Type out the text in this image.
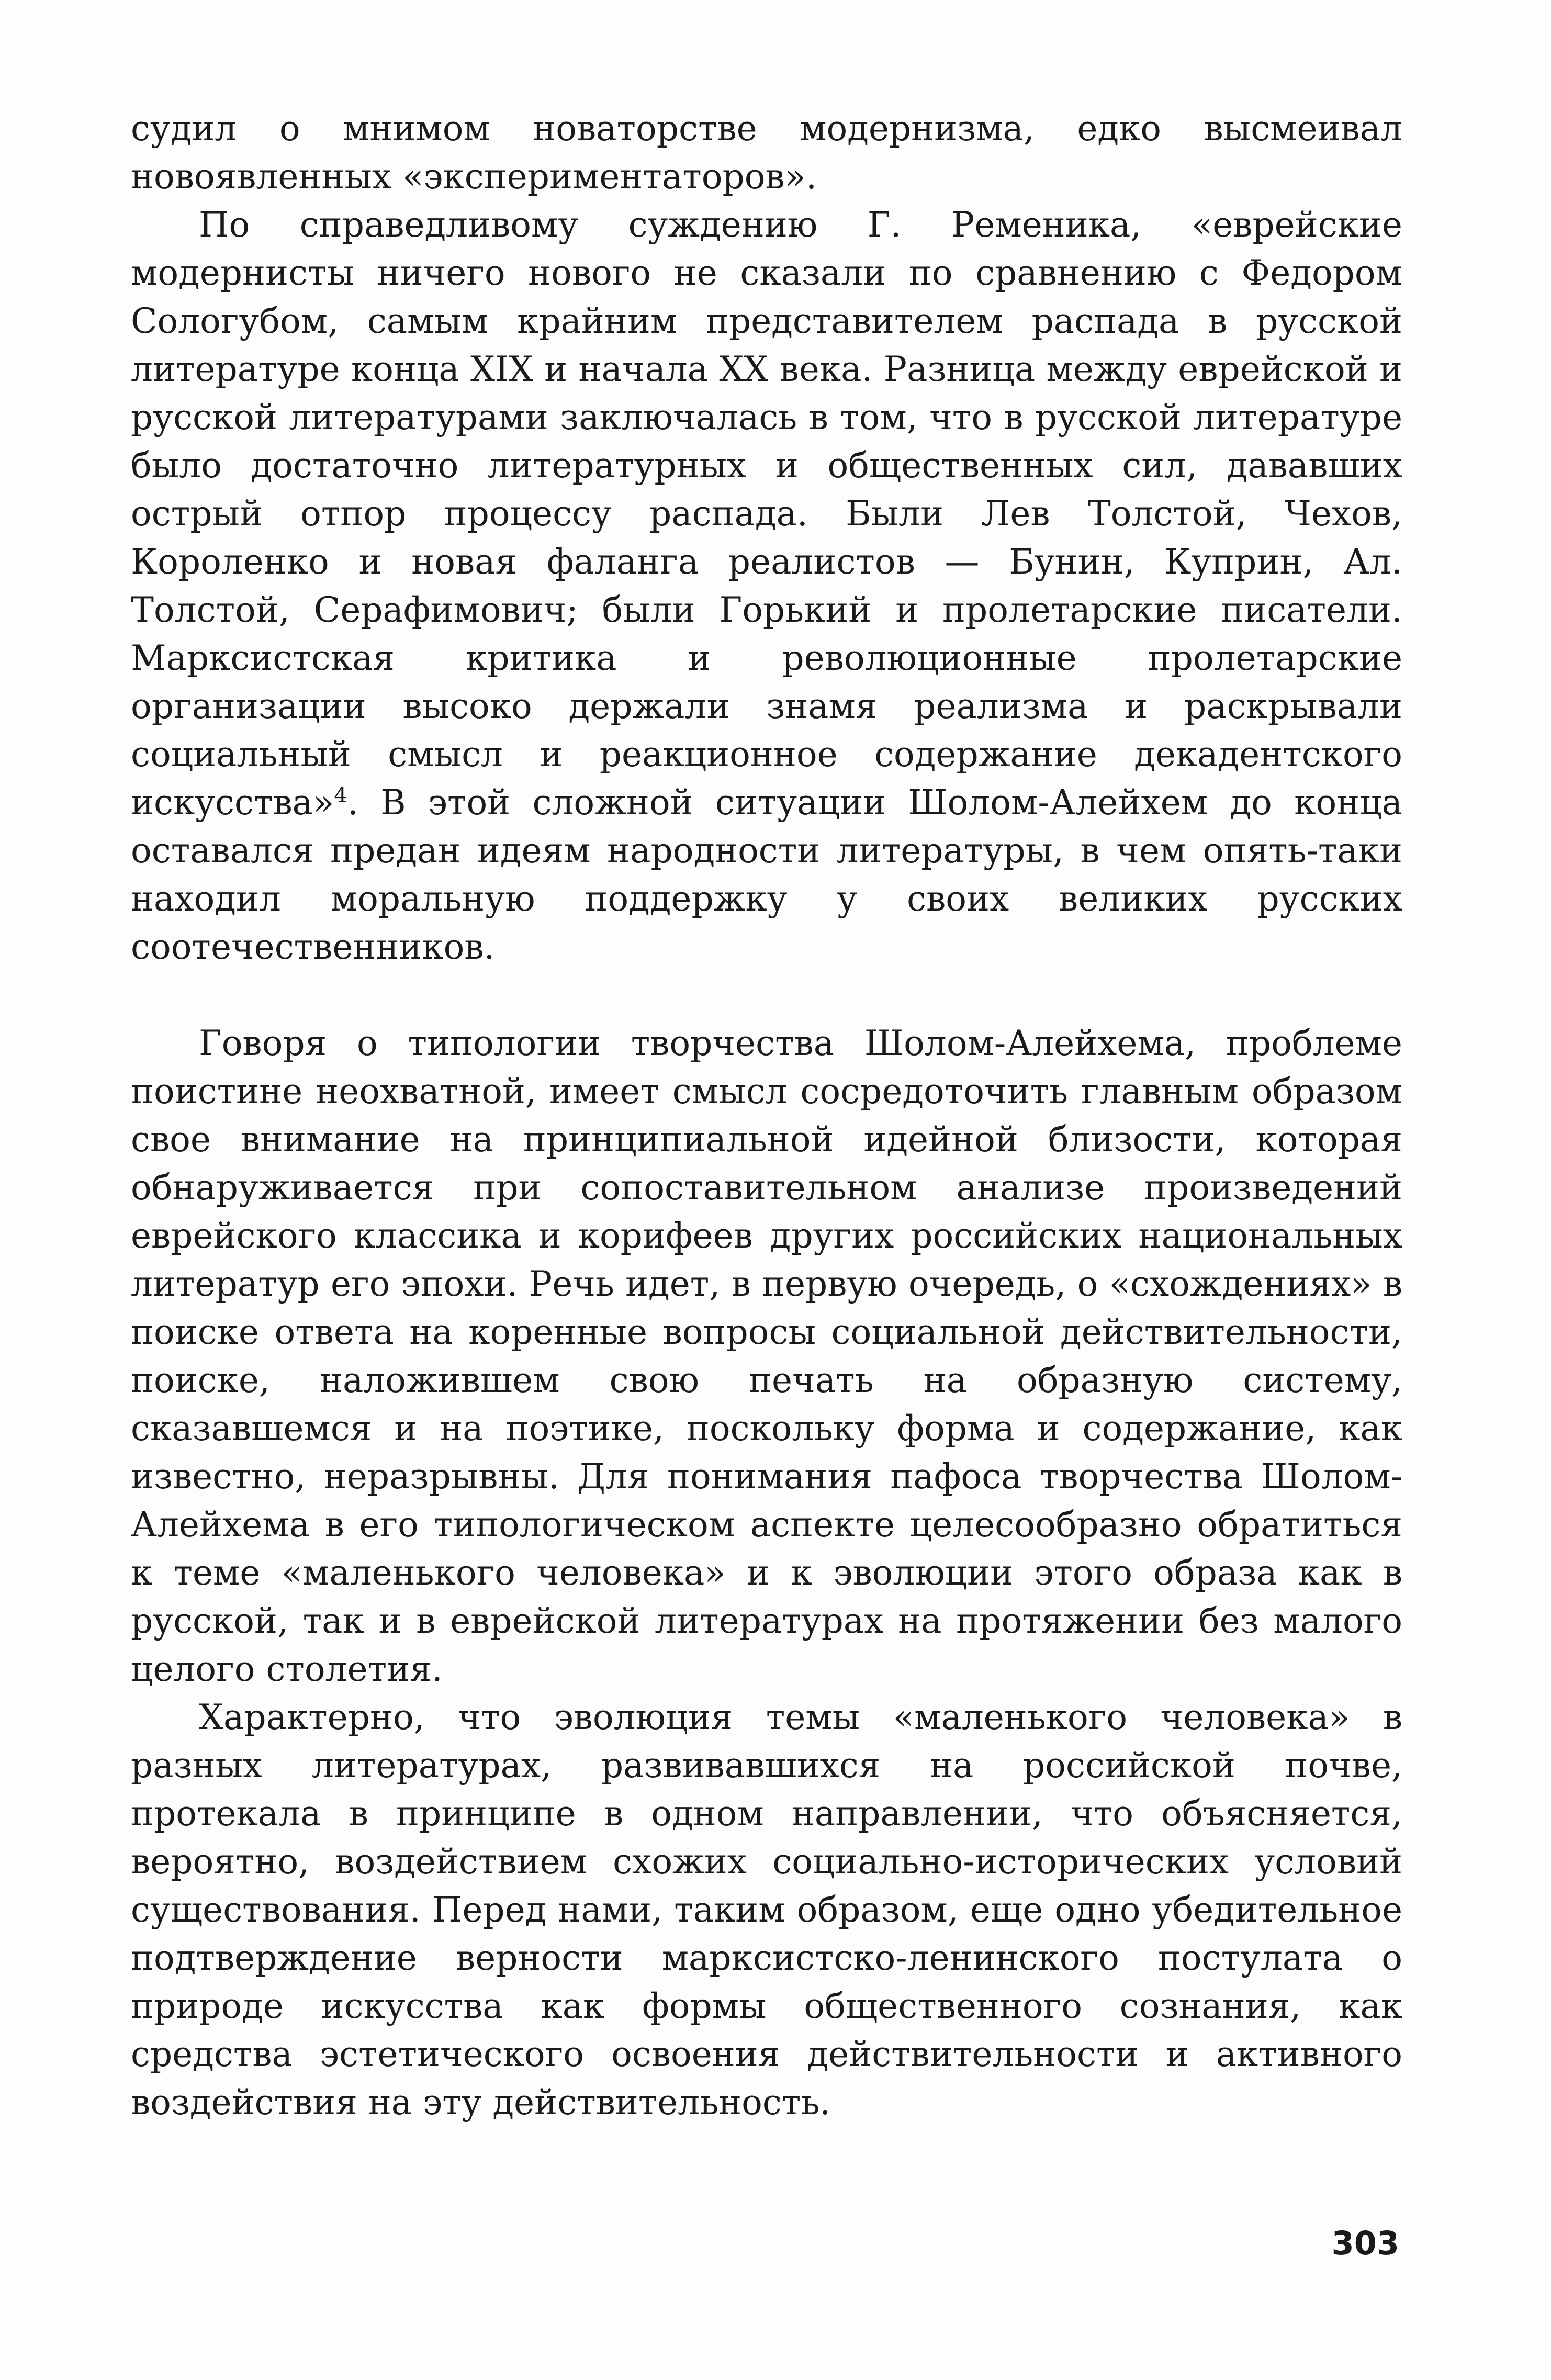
судил о мнимом новаторстве модернизма, едко высмеивал новоявленных «экспериментаторов».

По справедливому суждению Г. Ременика, «еврейские модернисты ничего нового не сказали по сравнению с Федором Сологубом, самым крайним представителем распада в русской литературе конца XIX и начала XX века. Разница между еврейской и русской литературами заключалась в том, что в русской литературе было достаточно литературных и общественных сил, дававших острый отпор процессу распада. Были Лев Толстой, Чехов, Короленко и новая фаланга реалистов — Бунин, Куприн, Ал. Толстой, Серафимович; были Горький и пролетарские писатели. Марксистская критика и революционные пролетарские организации высоко держали знамя реализма и раскрывали социальный смысл и реакционное содержание декадентского искусства»$^4$. В этой сложной ситуации Шолом-Алейхем до конца оставался предан идеям народности литературы, в чем опять-таки находил моральную поддержку у своих великих русских соотечественников.

Говоря о типологии творчества Шолом-Алейхема, проблеме поистине неохватной, имеет смысл сосредоточить главным образом свое внимание на принципиальной идейной близости, которая обнаруживается при сопоставительном анализе произведений еврейского классика и корифеев других российских национальных литератур его эпохи. Речь идет, в первую очередь, о «схождениях» в поиске ответа на коренные вопросы социальной действительности, поиске, наложившем свою печать на образную систему, сказавшемся и на поэтике, поскольку форма и содержание, как известно, неразрывны. Для понимания пафоса творчества Шолом-Алейхема в его типологическом аспекте целесообразно обратиться к теме «маленького человека» и к эволюции этого образа как в русской, так и в еврейской литературах на протяжении без малого целого столетия.

Характерно, что эволюция темы «маленького человека» в разных литературах, развивавшихся на российской почве, протекала в принципе в одном направлении, что объясняется, вероятно, воздействием схожих социально-исторических условий существования. Перед нами, таким образом, еще одно убедительное подтверждение верности марксистско-ленинского постулата о природе искусства как формы общественного сознания, как средства эстетического освоения действительности и активного воздействия на эту действительность.

303
